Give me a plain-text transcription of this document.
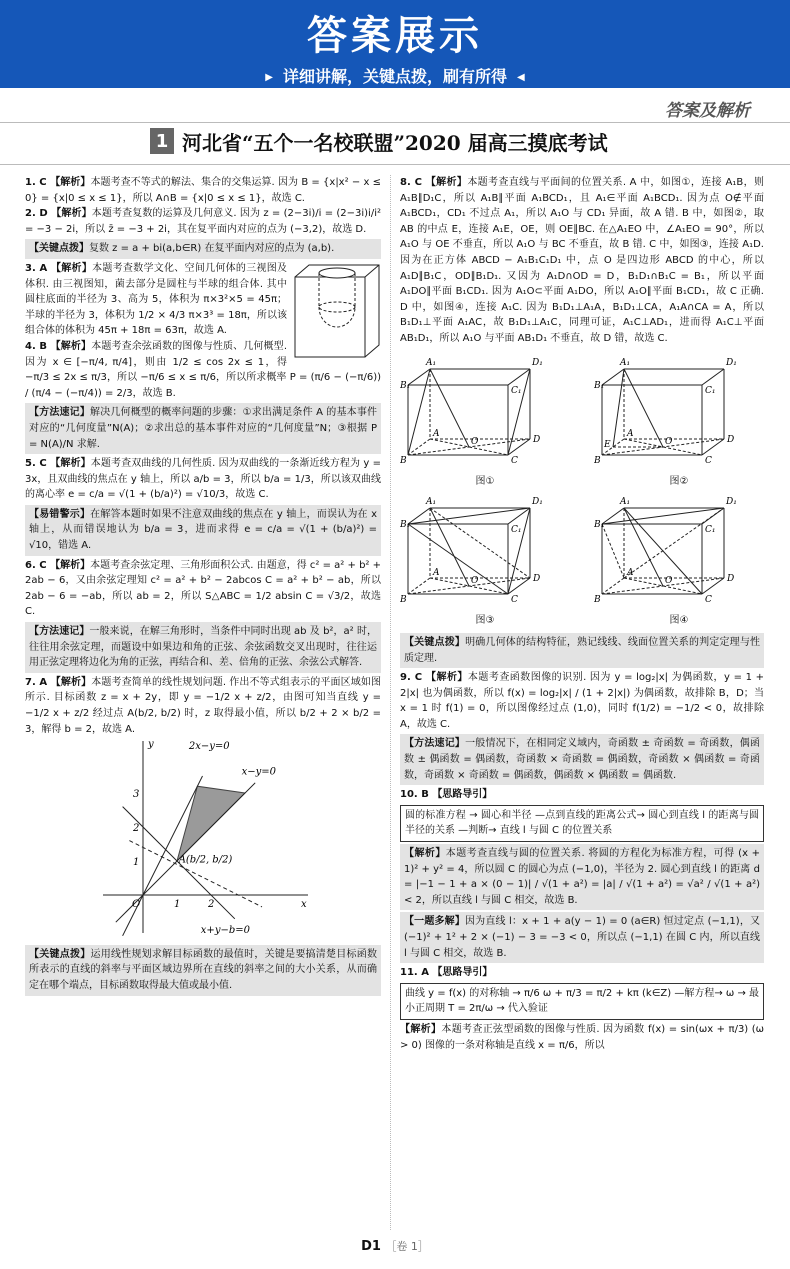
答案展示
▶ 详细讲解，关键点拨，刷有所得 ◀
答案及解析
1 河北省“五个一名校联盟”2020 届高三摸底考试
1. C 【解析】本题考查不等式的解法、集合的交集运算. 因为 B = {x|x² − x ≤ 0} = {x|0 ≤ x ≤ 1}，所以 A∩B = {x|0 ≤ x ≤ 1}，故选 C.
2. D 【解析】本题考查复数的运算及几何意义. 因为 z = (2−3i)/i = (2−3i)i/i² = −3 − 2i，所以 z̄ = −3 + 2i，其在复平面内对应的点为 (−3,2)，故选 D.
【关键点拨】复数 z = a + bi(a,b∈R) 在复平面内对应的点为 (a,b).
3. A 【解析】本题考查数学文化、空间几何体的三视图及体积. 由三视图知，菌去部分是圆柱与半球的组合体. 其中圆柱底面的半径为 3、高为 5，体积为 π×3²×5 = 45π；半球的半径为 3，体积为 1/2 × 4/3 π×3³ = 18π，所以该组合体的体积为 45π + 18π = 63π，故选 A.
4. B 【解析】本题考查余弦函数的图像与性质、几何概型. 因为 x ∈ [−π/4, π/4]，则由 1/2 ≤ cos 2x ≤ 1，得 −π/3 ≤ 2x ≤ π/3，所以 −π/6 ≤ x ≤ π/6，所以所求概率 P = (π/6 − (−π/6)) / (π/4 − (−π/4)) = 2/3，故选 B.
【方法速记】解决几何概型的概率问题的步骤：①求出满足条件 A 的基本事件对应的“几何度量”N(A)；②求出总的基本事件对应的“几何度量”N；③根据 P = N(A)/N 求解.
5. C 【解析】本题考查双曲线的几何性质. 因为双曲线的一条渐近线方程为 y = 3x，且双曲线的焦点在 y 轴上，所以 a/b = 3，所以 b/a = 1/3，所以该双曲线的离心率 e = c/a = √(1 + (b/a)²) = √10/3，故选 C.
【易错警示】在解答本题时如果不注意双曲线的焦点在 y 轴上，而误认为在 x 轴上，从而错误地认为 b/a = 3，进而求得 e = c/a = √(1 + (b/a)²) = √10，错选 A.
6. C 【解析】本题考查余弦定理、三角形面积公式. 由题意，得 c² = a² + b² + 2ab − 6，又由余弦定理知 c² = a² + b² − 2abcos C = a² + b² − ab，所以 2ab − 6 = −ab，所以 ab = 2，所以 S△ABC = 1/2 absin C = √3/2，故选 C.
【方法速记】一般来说，在解三角形时，当条件中同时出现 ab 及 b²，a² 时，往往用余弦定理，而题设中如果边和角的正弦、余弦函数交叉出现时，往往运用正弦定理将边化为角的正弦，再结合和、差、倍角的正弦、余弦公式解答.
7. A 【解析】本题考查简单的线性规划问题. 作出不等式组表示的平面区域如图所示. 目标函数 z = x + 2y，即 y = −1/2 x + z/2，由图可知当直线 y = −1/2 x + z/2 经过点 A(b/2, b/2) 时，z 取得最小值，所以 b/2 + 2 × b/2 = 3，解得 b = 2，故选 A.
2x−y=0
x−y=0
x+y−b=0
A(b/2, b/2)
O	x
y
1	2
1
2
3
【关键点拨】运用线性规划求解目标函数的最值时，关键是要搞清楚目标函数所表示的直线的斜率与平面区域边界所在直线的斜率之间的大小关系，从而确定在哪个端点，目标函数取得最大值或最小值.
8. C 【解析】本题考查直线与平面间的位置关系. A 中，如图①，连接 A₁B，则 A₁B∥D₁C，所以 A₁B∥平面 A₁BCD₁，且 A₁∈平面 A₁BCD₁. 因为点 O∉平面 A₁BCD₁，CD₁ 不过点 A₁，所以 A₁O 与 CD₁ 异面，故 A 错. B 中，如图②，取 AB 的中点 E，连接 A₁E，OE，则 OE∥BC. 在△A₁EO 中，∠A₁EO = 90°，所以 A₁O 与 OE 不垂直，所以 A₁O 与 BC 不垂直，故 B 错. C 中，如图③，连接 A₁D. 因为在正方体 ABCD − A₁B₁C₁D₁ 中，点 O 是四边形 ABCD 的中心，所以 A₁D∥B₁C，OD∥B₁D₁. 又因为 A₁D∩OD = D，B₁D₁∩B₁C = B₁，所以平面 A₁DO∥平面 B₁CD₁. 因为 A₁O⊂平面 A₁DO，所以 A₁O∥平面 B₁CD₁，故 C 正确. D 中，如图④，连接 A₁C. 因为 B₁D₁⊥A₁A，B₁D₁⊥CA，A₁A∩CA = A，所以 B₁D₁⊥平面 A₁AC，故 B₁D₁⊥A₁C，同理可证，A₁C⊥AD₁，进而得 A₁C⊥平面 AB₁D₁，所以 A₁O 与平面 AB₁D₁ 不垂直，故 D 错，故选 C.
A₁	D₁
B₁	C₁
A
D
B	C
O
图①
A₁	D₁
B₁	C₁
A
D
B	C
O
E
图②
A₁	D₁
B₁	C₁
A
D
B	C
O
图③
A₁	D₁
B₁	C₁
A
D
B	C
O
图④
【关键点拨】明确几何体的结构特征，熟记线线、线面位置关系的判定定理与性质定理.
9. C 【解析】本题考查函数图像的识别. 因为 y = log₂|x| 为偶函数，y = 1 + 2|x| 也为偶函数，所以 f(x) = log₂|x| / (1 + 2|x|) 为偶函数，故排除 B，D；当 x = 1 时 f(1) = 0，所以图像经过点 (1,0)，同时 f(1/2) = −1/2 < 0，故排除 A，故选 C.
【方法速记】一般情况下，在相同定义域内，奇函数 ± 奇函数 = 奇函数，偶函数 ± 偶函数 = 偶函数，奇函数 × 奇函数 = 偶函数，奇函数 × 偶函数 = 奇函数，奇函数 × 奇函数 = 偶函数，偶函数 × 偶函数 = 偶函数.
10. B 【思路导引】
圆的标准方程 → 圆心和半径 —点到直线的距离公式→ 圆心到直线 l 的距离与圆半径的关系 —判断→ 直线 l 与圆 C 的位置关系
【解析】本题考查直线与圆的位置关系. 将圆的方程化为标准方程，可得 (x + 1)² + y² = 4，所以圆 C 的圆心为点 (−1,0)，半径为 2. 圆心到直线 l 的距离 d = |−1 − 1 + a × (0 − 1)| / √(1 + a²) = |a| / √(1 + a²) = √a² / √(1 + a²) < 2，所以直线 l 与圆 C 相交，故选 B.
【一题多解】因为直线 l：x + 1 + a(y − 1) = 0 (a∈R) 恒过定点 (−1,1)，又 (−1)² + 1² + 2 × (−1) − 3 = −3 < 0，所以点 (−1,1) 在圆 C 内，所以直线 l 与圆 C 相交，故选 B.
11. A 【思路导引】
曲线 y = f(x) 的对称轴 → π/6 ω + π/3 = π/2 + kπ (k∈Z) —解方程→ ω → 最小正周期 T = 2π/ω → 代入验证
【解析】本题考查正弦型函数的图像与性质. 因为函数 f(x) = sin(ωx + π/3) (ω > 0) 图像的一条对称轴是直线 x = π/6，所以
D1 ［卷 1］
